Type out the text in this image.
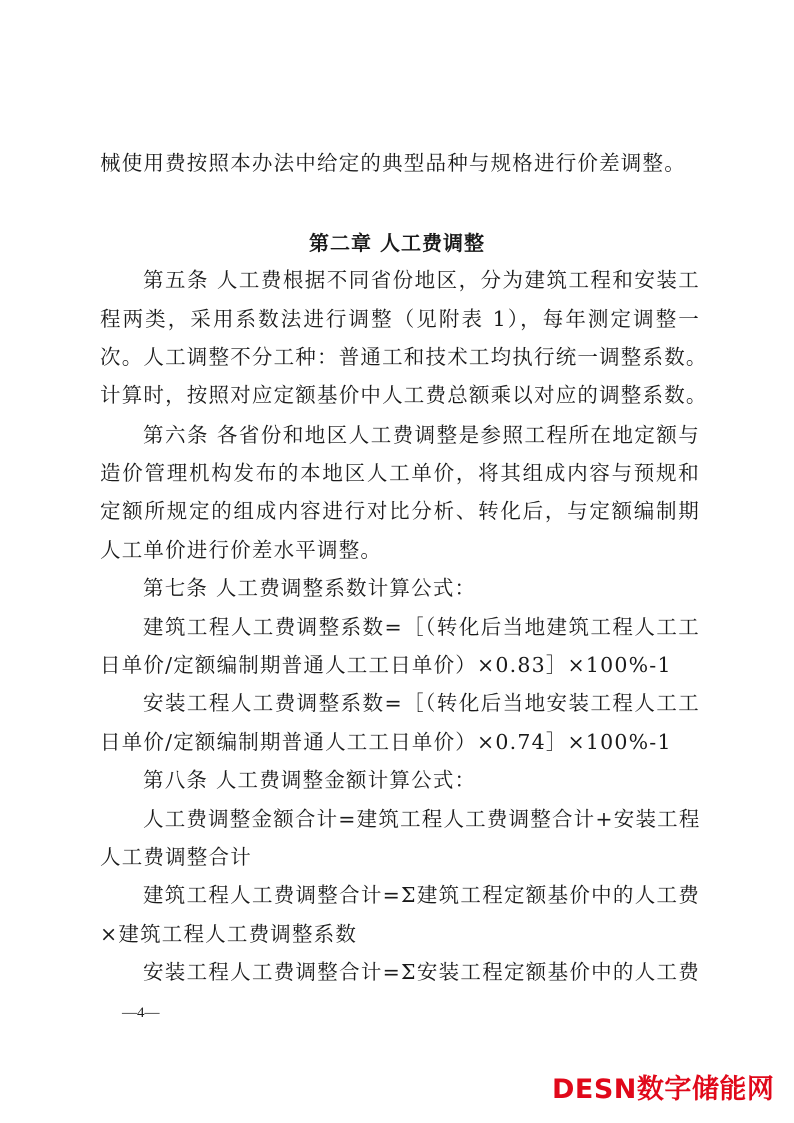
械使用费按照本办法中给定的典型品种与规格进行价差调整。
第二章 人工费调整
第五条 人工费根据不同省份地区，分为建筑工程和安装工
程两类，采用系数法进行调整（见附表 1），每年测定调整一
次。人工调整不分工种：普通工和技术工均执行统一调整系数。
计算时，按照对应定额基价中人工费总额乘以对应的调整系数。
第六条 各省份和地区人工费调整是参照工程所在地定额与
造价管理机构发布的本地区人工单价，将其组成内容与预规和
定额所规定的组成内容进行对比分析、转化后，与定额编制期
人工单价进行价差水平调整。
第七条 人工费调整系数计算公式：
建筑工程人工费调整系数=［（转化后当地建筑工程人工工
日单价/定额编制期普通人工工日单价）×0.83］×100%-1
安装工程人工费调整系数=［（转化后当地安装工程人工工
日单价/定额编制期普通人工工日单价）×0.74］×100%-1
第八条 人工费调整金额计算公式：
人工费调整金额合计=建筑工程人工费调整合计+安装工程
人工费调整合计
建筑工程人工费调整合计=Σ建筑工程定额基价中的人工费
×建筑工程人工费调整系数
安装工程人工费调整合计=Σ安装工程定额基价中的人工费
—4—
DESN数字储能网
